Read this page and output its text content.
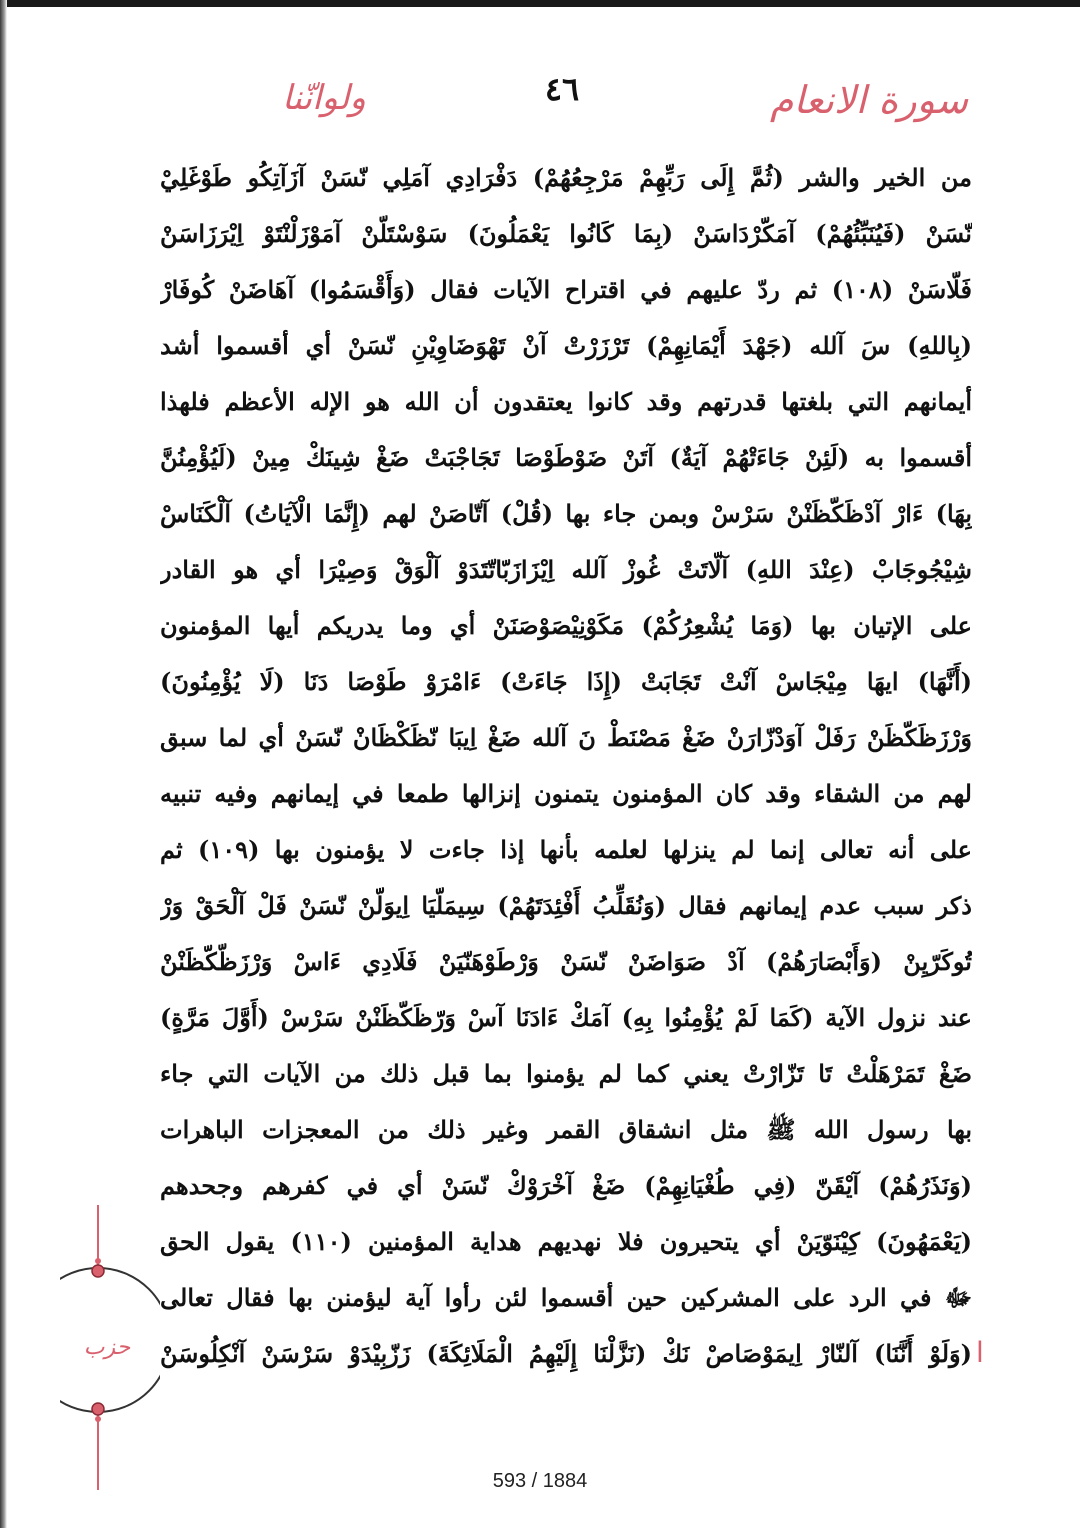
ولوانّنا	٤٦	سورة الانعام
من الخير والشر (ثُمَّ إِلَى رَبِّهِمْ مَرْجِعُهُمْ) دَفْرَادِي آمَلِي نّسَنْ آزَآتِكُو طَوْغَلِيْ
نّسَنْ (فَيُنَبِّئُهُمْ) آمَكّرْدَاسَنْ (بِمَا كَانُوا يَعْمَلُونَ) سَوْسْتَلّنْ آمَوْزَلْنْتَوْ اِيْرَزَاسَنْ
فَلّاسَنْ (١٠٨) ثم ردّ عليهم في اقتراح الآيات فقال (وَأَقْسَمُوا) آهَاضَنْ كُوفَارْ
(بِاللهِ) سَ آلله (جَهْدَ أَيْمَانِهِمْ) تَرْزَرْتْ آنْ تَهْوَضَاوِيْنِ نّسَنْ أي أقسموا أشد
أيمانهم التي بلغتها قدرتهم وقد كانوا يعتقدون أن الله هو الإله الأعظم فلهذا
أقسموا به (لَئِنْ جَاءَتْهُمْ آيَةٌ) آتَنْ ضَوْطَوْصَا تَجَاجْبَتْ ضَغْ شِينَكْ مِينْ (لَيُؤْمِنُنَّ
بِهَا) ءَارْ آدْظَكّظَنْنْ سَرْسْ وبمن جاء بها (قُلْ) آتّاصَنْ لهم (إِنَّمَا الْآيَاتُ) آلْكَنَاسْ
شِيْجُوجَابْ (عِنْدَ اللهِ) آلّاتَتْ غُوزْ آلله اِيْزَازَبّاتّتَدَوْ آلْوَقْ وَصِيْرَا أي هو القادر
على الإتيان بها (وَمَا يُشْعِرُكُمْ) مَكَوْنِيْصَوْصَنَنْ أي وما يدريكم أيها المؤمنون
(أَنَّهَا) ايهَا مِيْجَاسْ آنْتْ تَجَابَتْ (إِذَا جَاءَتْ) ءَامْرَوْ طَوْصَا دَنَا (لَا يُؤْمِنُونَ)
وَرْزَظَكّظَنْ رَفَلْ آوَدْزّارَنْ ضَغْ مَصْنَطْ نَ آلله ضَغْ اِيبَا نّظَكْظَانْ نّسَنْ أي لما سبق
لهم من الشقاء وقد كان المؤمنون يتمنون إنزالها طمعا في إيمانهم وفيه تنبيه
على أنه تعالى إنما لم ينزلها لعلمه بأنها إذا جاءت لا يؤمنون بها (١٠٩) ثم
ذكر سبب عدم إيمانهم فقال (وَنُقَلِّبُ أَفْئِدَتَهُمْ) سِيمَلّيَا اِيوَلّنْ نّسَنْ فَلْ آلْحَقْ وَرْ
تُوكَرّيِنْ (وَأَبْصَارَهُمْ) آدْ صَوَاضَنْ نّسَنْ وَرْطَوْهَنّيَنْ فَلَادِي ءَاسْ وَرْزَظّكّظَنْنْ
عند نزول الآية (كَمَا لَمْ يُؤْمِنُوا بِهِ) آمَكْ ءَادَنَا آسْ وَرّظَكّظَنْنْ سَرْسْ (أَوَّلَ مَرَّةٍ)
ضَغْ تَمَرْهَلْتْ تَا تَزّارْتْ يعني كما لم يؤمنوا بما قبل ذلك من الآيات التي جاء
بها رسول الله ﷺ مثل انشقاق القمر وغير ذلك من المعجزات الباهرات
(وَنَذَرُهُمْ) آيْقَنّ (فِي طُغْيَانِهِمْ) ضَغْ آخْرَوْكْ نّسَنْ أي في كفرهم وجحدهم
(يَعْمَهُونَ) كِيْنَوّيَنْ أي يتحيرون فلا نهديهم هداية المؤمنين (١١٠) يقول الحق
ﷻ في الرد على المشركين حين أقسموا لئن رأوا آية ليؤمنن بها فقال تعالى
(وَلَوْ أَنَّنَا) آلنّارْ اِيمَوْصَاصْ نَكْ (نَزَّلْنَا إِلَيْهِمُ الْمَلَائِكَةَ) زَزّبِيْدَوْ سَرْسَنْ آنْكِلُوسَنْ
حزب	ا
593 / 1884
